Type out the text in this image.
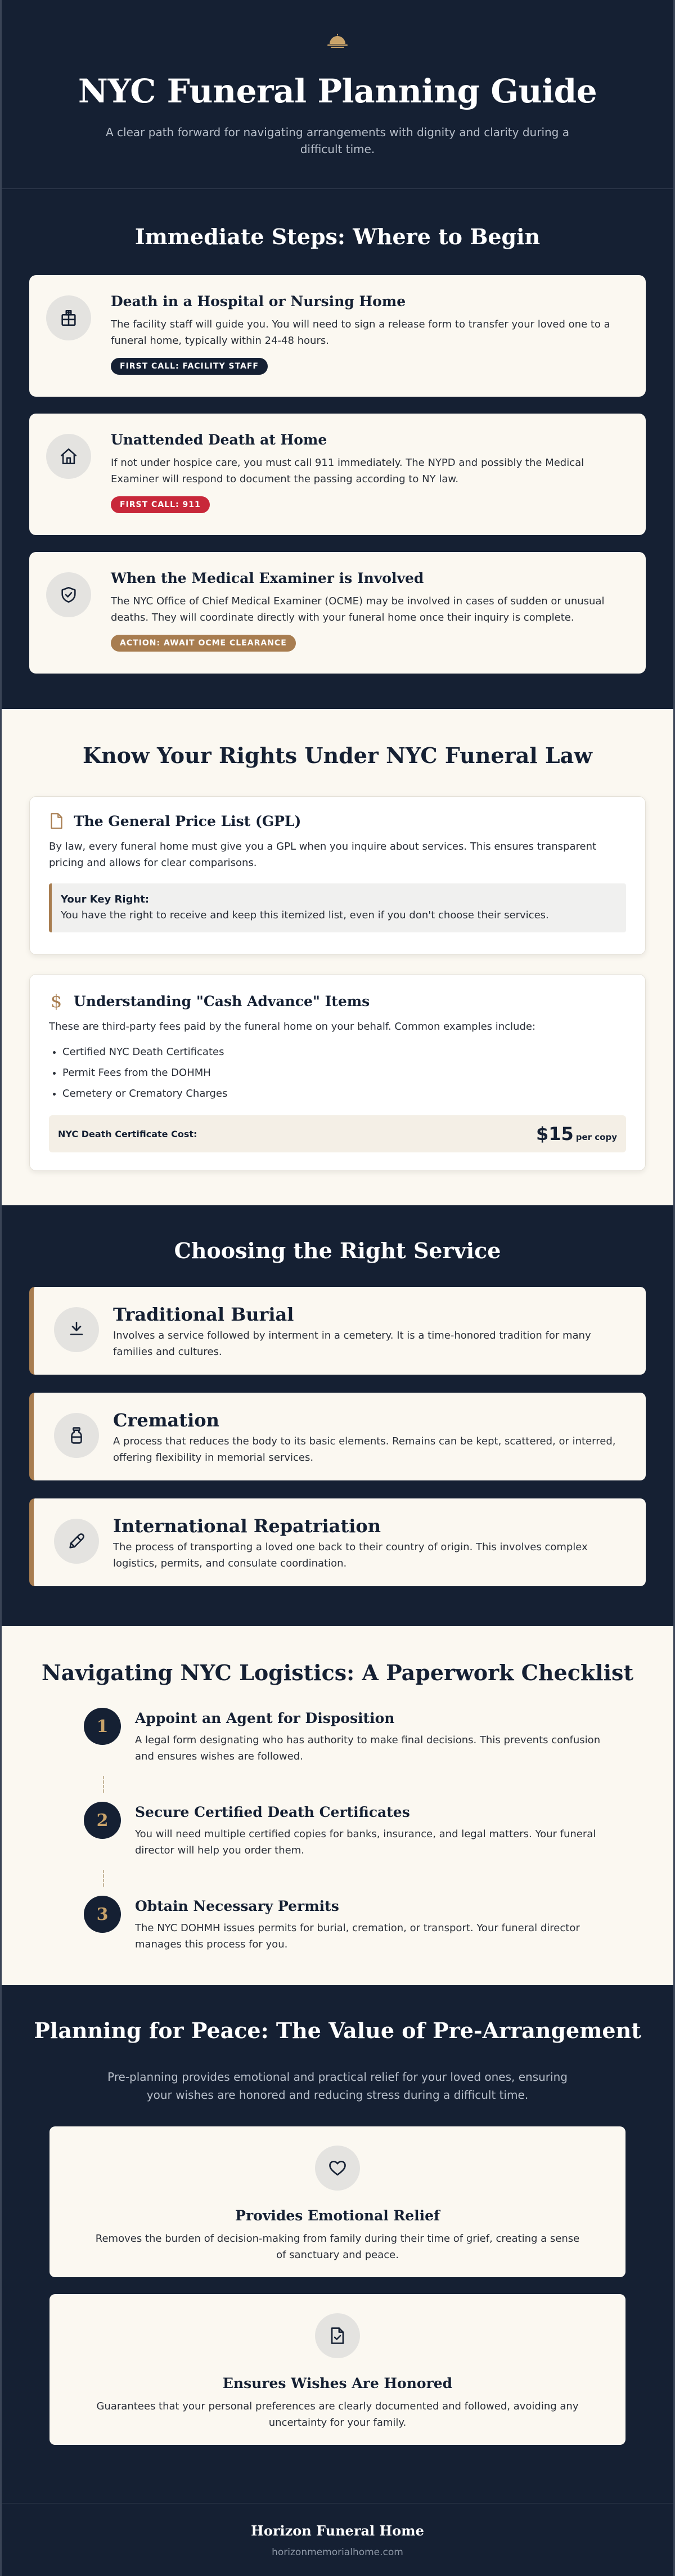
NYC Funeral Planning Guide

A clear path forward for navigating arrangements with dignity and clarity during a difficult time.

Immediate Steps: Where to Begin
Death in a Hospital or Nursing Home

The facility staff will guide you. You will need to sign a release form to transfer your loved one to a funeral home, typically within 24-48 hours.

FIRST CALL: FACILITY STAFF
Unattended Death at Home

If not under hospice care, you must call 911 immediately. The NYPD and possibly the Medical Examiner will respond to document the passing according to NY law.

FIRST CALL: 911
When the Medical Examiner is Involved

The NYC Office of Chief Medical Examiner (OCME) may be involved in cases of sudden or unusual deaths. They will coordinate directly with your funeral home once their inquiry is complete.

ACTION: AWAIT OCME CLEARANCE
Know Your Rights Under NYC Funeral Law
The General Price List (GPL)

By law, every funeral home must give you a GPL when you inquire about services. This ensures transparent pricing and allows for clear comparisons.

Your Key Right:
You have the right to receive and keep this itemized list, even if you don't choose their services.
$ Understanding "Cash Advance" Items

These are third-party fees paid by the funeral home on your behalf. Common examples include:

• Certified NYC Death Certificates
• Permit Fees from the DOHMH
• Cemetery or Crematory Charges
NYC Death Certificate Cost:	$15 per copy
Choosing the Right Service
Traditional Burial

Involves a service followed by interment in a cemetery. It is a time-honored tradition for many families and cultures.

Cremation

A process that reduces the body to its basic elements. Remains can be kept, scattered, or interred, offering flexibility in memorial services.

International Repatriation

The process of transporting a loved one back to their country of origin. This involves complex logistics, permits, and consulate coordination.

Navigating NYC Logistics: A Paperwork Checklist
1	Appoint an Agent for Disposition

A legal form designating who has authority to make final decisions. This prevents confusion and ensures wishes are followed.

2	Secure Certified Death Certificates

You will need multiple certified copies for banks, insurance, and legal matters. Your funeral director will help you order them.

3	Obtain Necessary Permits

The NYC DOHMH issues permits for burial, cremation, or transport. Your funeral director manages this process for you.

Planning for Peace: The Value of Pre-Arrangement

Pre-planning provides emotional and practical relief for your loved ones, ensuring your wishes are honored and reducing stress during a difficult time.

Provides Emotional Relief

Removes the burden of decision-making from family during their time of grief, creating a sense of sanctuary and peace.

Ensures Wishes Are Honored

Guarantees that your personal preferences are clearly documented and followed, avoiding any uncertainty for your family.

Horizon Funeral Home
horizonmemorialhome.com
